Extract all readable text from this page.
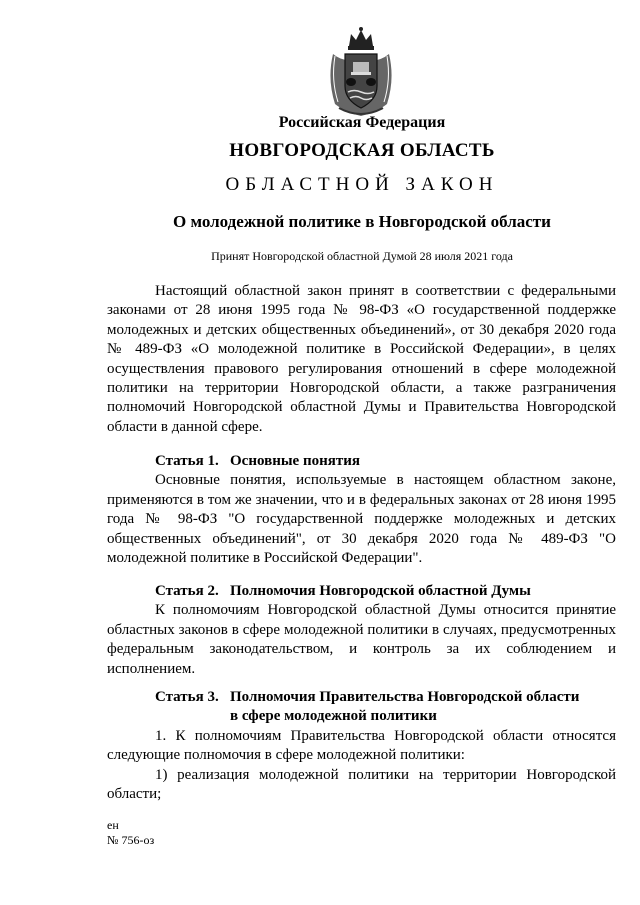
Российская Федерация
НОВГОРОДСКАЯ ОБЛАСТЬ
ОБЛАСТНОЙ ЗАКОН
О молодежной политике в Новгородской области
Принят Новгородской областной Думой 28 июля 2021 года

Настоящий областной закон принят в соответствии с федеральными законами от 28 июня 1995 года № 98-ФЗ «О государственной поддержке молодежных и детских общественных объединений», от 30 декабря 2020 года № 489-ФЗ «О молодежной политике в Российской Федерации», в целях осуществления правового регулирования отношений в сфере молодежной политики на территории Новгородской области, а также разграничения полномочий Новгородской областной Думы и Правительства Новгородской области в данной сфере.

Статья 1. Основные понятия

Основные понятия, используемые в настоящем областном законе, применяются в том же значении, что и в федеральных законах от 28 июня 1995 года № 98-ФЗ "О государственной поддержке молодежных и детских общественных объединений", от 30 декабря 2020 года № 489-ФЗ "О молодежной политике в Российской Федерации".

Статья 2. Полномочия Новгородской областной Думы

К полномочиям Новгородской областной Думы относится принятие областных законов в сфере молодежной политики в случаях, предусмотренных федеральным законодательством, и контроль за их соблюдением и исполнением.

Статья 3. Полномочия Правительства Новгородской области

в сфере молодежной политики

1. К полномочиям Правительства Новгородской области относятся следующие полномочия в сфере молодежной политики:

1) реализация молодежной политики на территории Новгородской области;

ен
№ 756-оз
